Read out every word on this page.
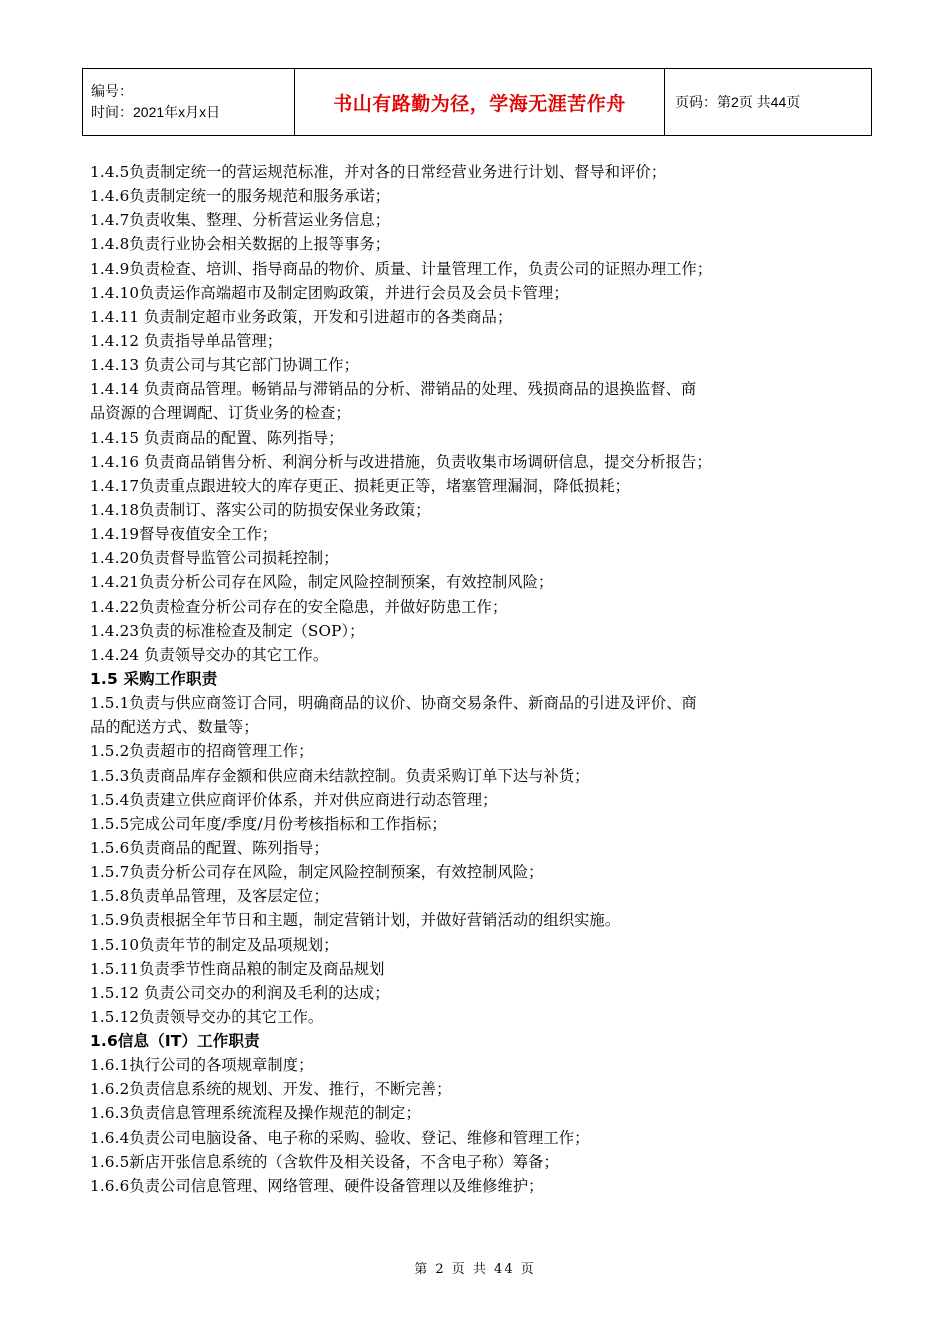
编号：
时间：2021年x月x日	书山有路勤为径，学海无涯苦作舟	页码：第2页 共44页
1.4.5负责制定统一的营运规范标准，并对各的日常经营业务进行计划、督导和评价；
1.4.6负责制定统一的服务规范和服务承诺；
1.4.7负责收集、整理、分析营运业务信息；
1.4.8负责行业协会相关数据的上报等事务；
1.4.9负责检查、培训、指导商品的物价、质量、计量管理工作，负责公司的证照办理工作；
1.4.10负责运作高端超市及制定团购政策，并进行会员及会员卡管理；
1.4.11 负责制定超市业务政策，开发和引进超市的各类商品；
1.4.12 负责指导单品管理；
1.4.13 负责公司与其它部门协调工作；
1.4.14 负责商品管理。畅销品与滞销品的分析、滞销品的处理、残损商品的退换监督、商
品资源的合理调配、订货业务的检查；
1.4.15 负责商品的配置、陈列指导；
1.4.16 负责商品销售分析、利润分析与改进措施，负责收集市场调研信息，提交分析报告；
1.4.17负责重点跟进较大的库存更正、损耗更正等，堵塞管理漏洞，降低损耗；
1.4.18负责制订、落实公司的防损安保业务政策；
1.4.19督导夜值安全工作；
1.4.20负责督导监管公司损耗控制；
1.4.21负责分析公司存在风险，制定风险控制预案，有效控制风险；
1.4.22负责检查分析公司存在的安全隐患，并做好防患工作；
1.4.23负责的标准检查及制定（SOP）；
1.4.24 负责领导交办的其它工作。
1.5 采购工作职责
1.5.1负责与供应商签订合同，明确商品的议价、协商交易条件、新商品的引进及评价、商
品的配送方式、数量等；
1.5.2负责超市的招商管理工作；
1.5.3负责商品库存金额和供应商未结款控制。负责采购订单下达与补货；
1.5.4负责建立供应商评价体系，并对供应商进行动态管理；
1.5.5完成公司年度/季度/月份考核指标和工作指标；
1.5.6负责商品的配置、陈列指导；
1.5.7负责分析公司存在风险，制定风险控制预案，有效控制风险；
1.5.8负责单品管理，及客层定位；
1.5.9负责根据全年节日和主题，制定营销计划，并做好营销活动的组织实施。
1.5.10负责年节的制定及品项规划；
1.5.11负责季节性商品粮的制定及商品规划
1.5.12 负责公司交办的利润及毛利的达成；
1.5.12负责领导交办的其它工作。
1.6信息（IT）工作职责
1.6.1执行公司的各项规章制度；
1.6.2负责信息系统的规划、开发、推行，不断完善；
1.6.3负责信息管理系统流程及操作规范的制定；
1.6.4负责公司电脑设备、电子称的采购、验收、登记、维修和管理工作；
1.6.5新店开张信息系统的（含软件及相关设备，不含电子称）筹备；
1.6.6负责公司信息管理、网络管理、硬件设备管理以及维修维护；
第 2 页 共 44 页
